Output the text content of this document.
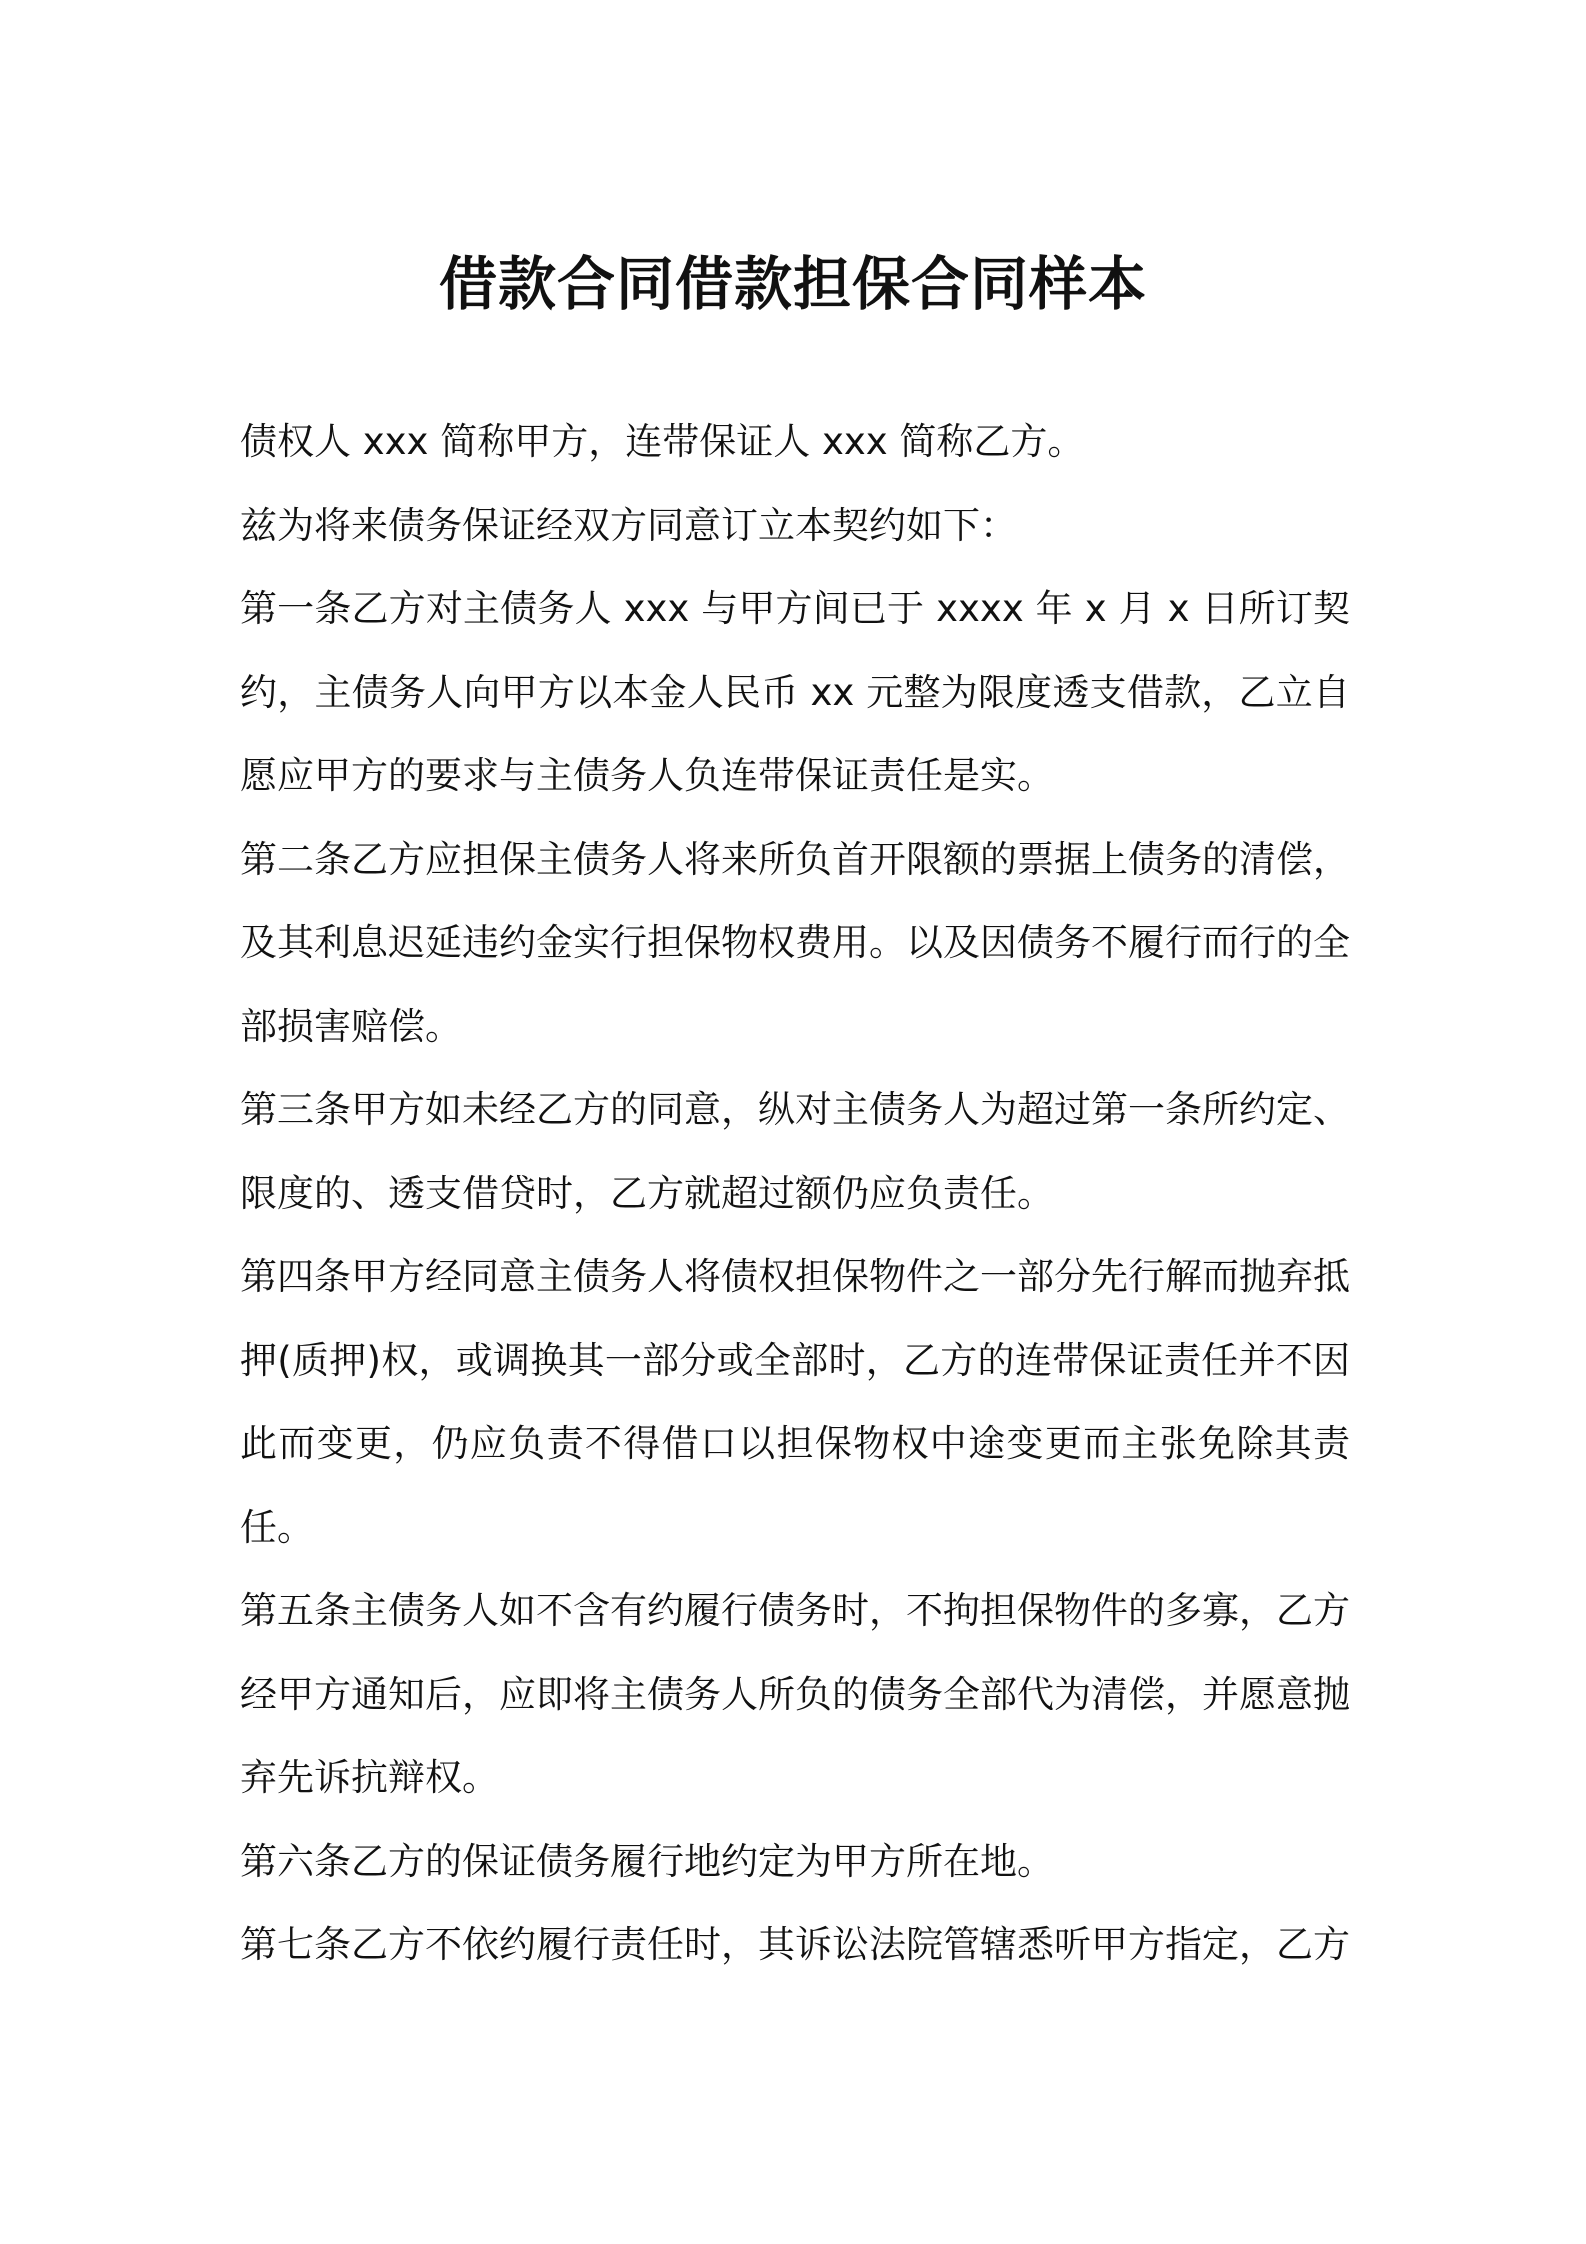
借款合同借款担保合同样本

债权人 xxx 简称甲方，连带保证人 xxx 简称乙方。

兹为将来债务保证经双方同意订立本契约如下：

第一条乙方对主债务人 xxx 与甲方间已于 xxxx 年 x 月 x 日所订契约，主债务人向甲方以本金人民币 xx 元整为限度透支借款，乙立自愿应甲方的要求与主债务人负连带保证责任是实。

第二条乙方应担保主债务人将来所负首开限额的票据上债务的清偿，及其利息迟延违约金实行担保物权费用。以及因债务不履行而行的全部损害赔偿。

第三条甲方如未经乙方的同意，纵对主债务人为超过第一条所约定、限度的、透支借贷时，乙方就超过额仍应负责任。

第四条甲方经同意主债务人将债权担保物件之一部分先行解而抛弃抵押(质押)权，或调换其一部分或全部时，乙方的连带保证责任并不因此而变更，仍应负责不得借口以担保物权中途变更而主张免除其责任。

第五条主债务人如不含有约履行债务时，不拘担保物件的多寡，乙方经甲方通知后，应即将主债务人所负的债务全部代为清偿，并愿意抛弃先诉抗辩权。

第六条乙方的保证债务履行地约定为甲方所在地。

第七条乙方不依约履行责任时，其诉讼法院管辖悉听甲方指定，乙方
